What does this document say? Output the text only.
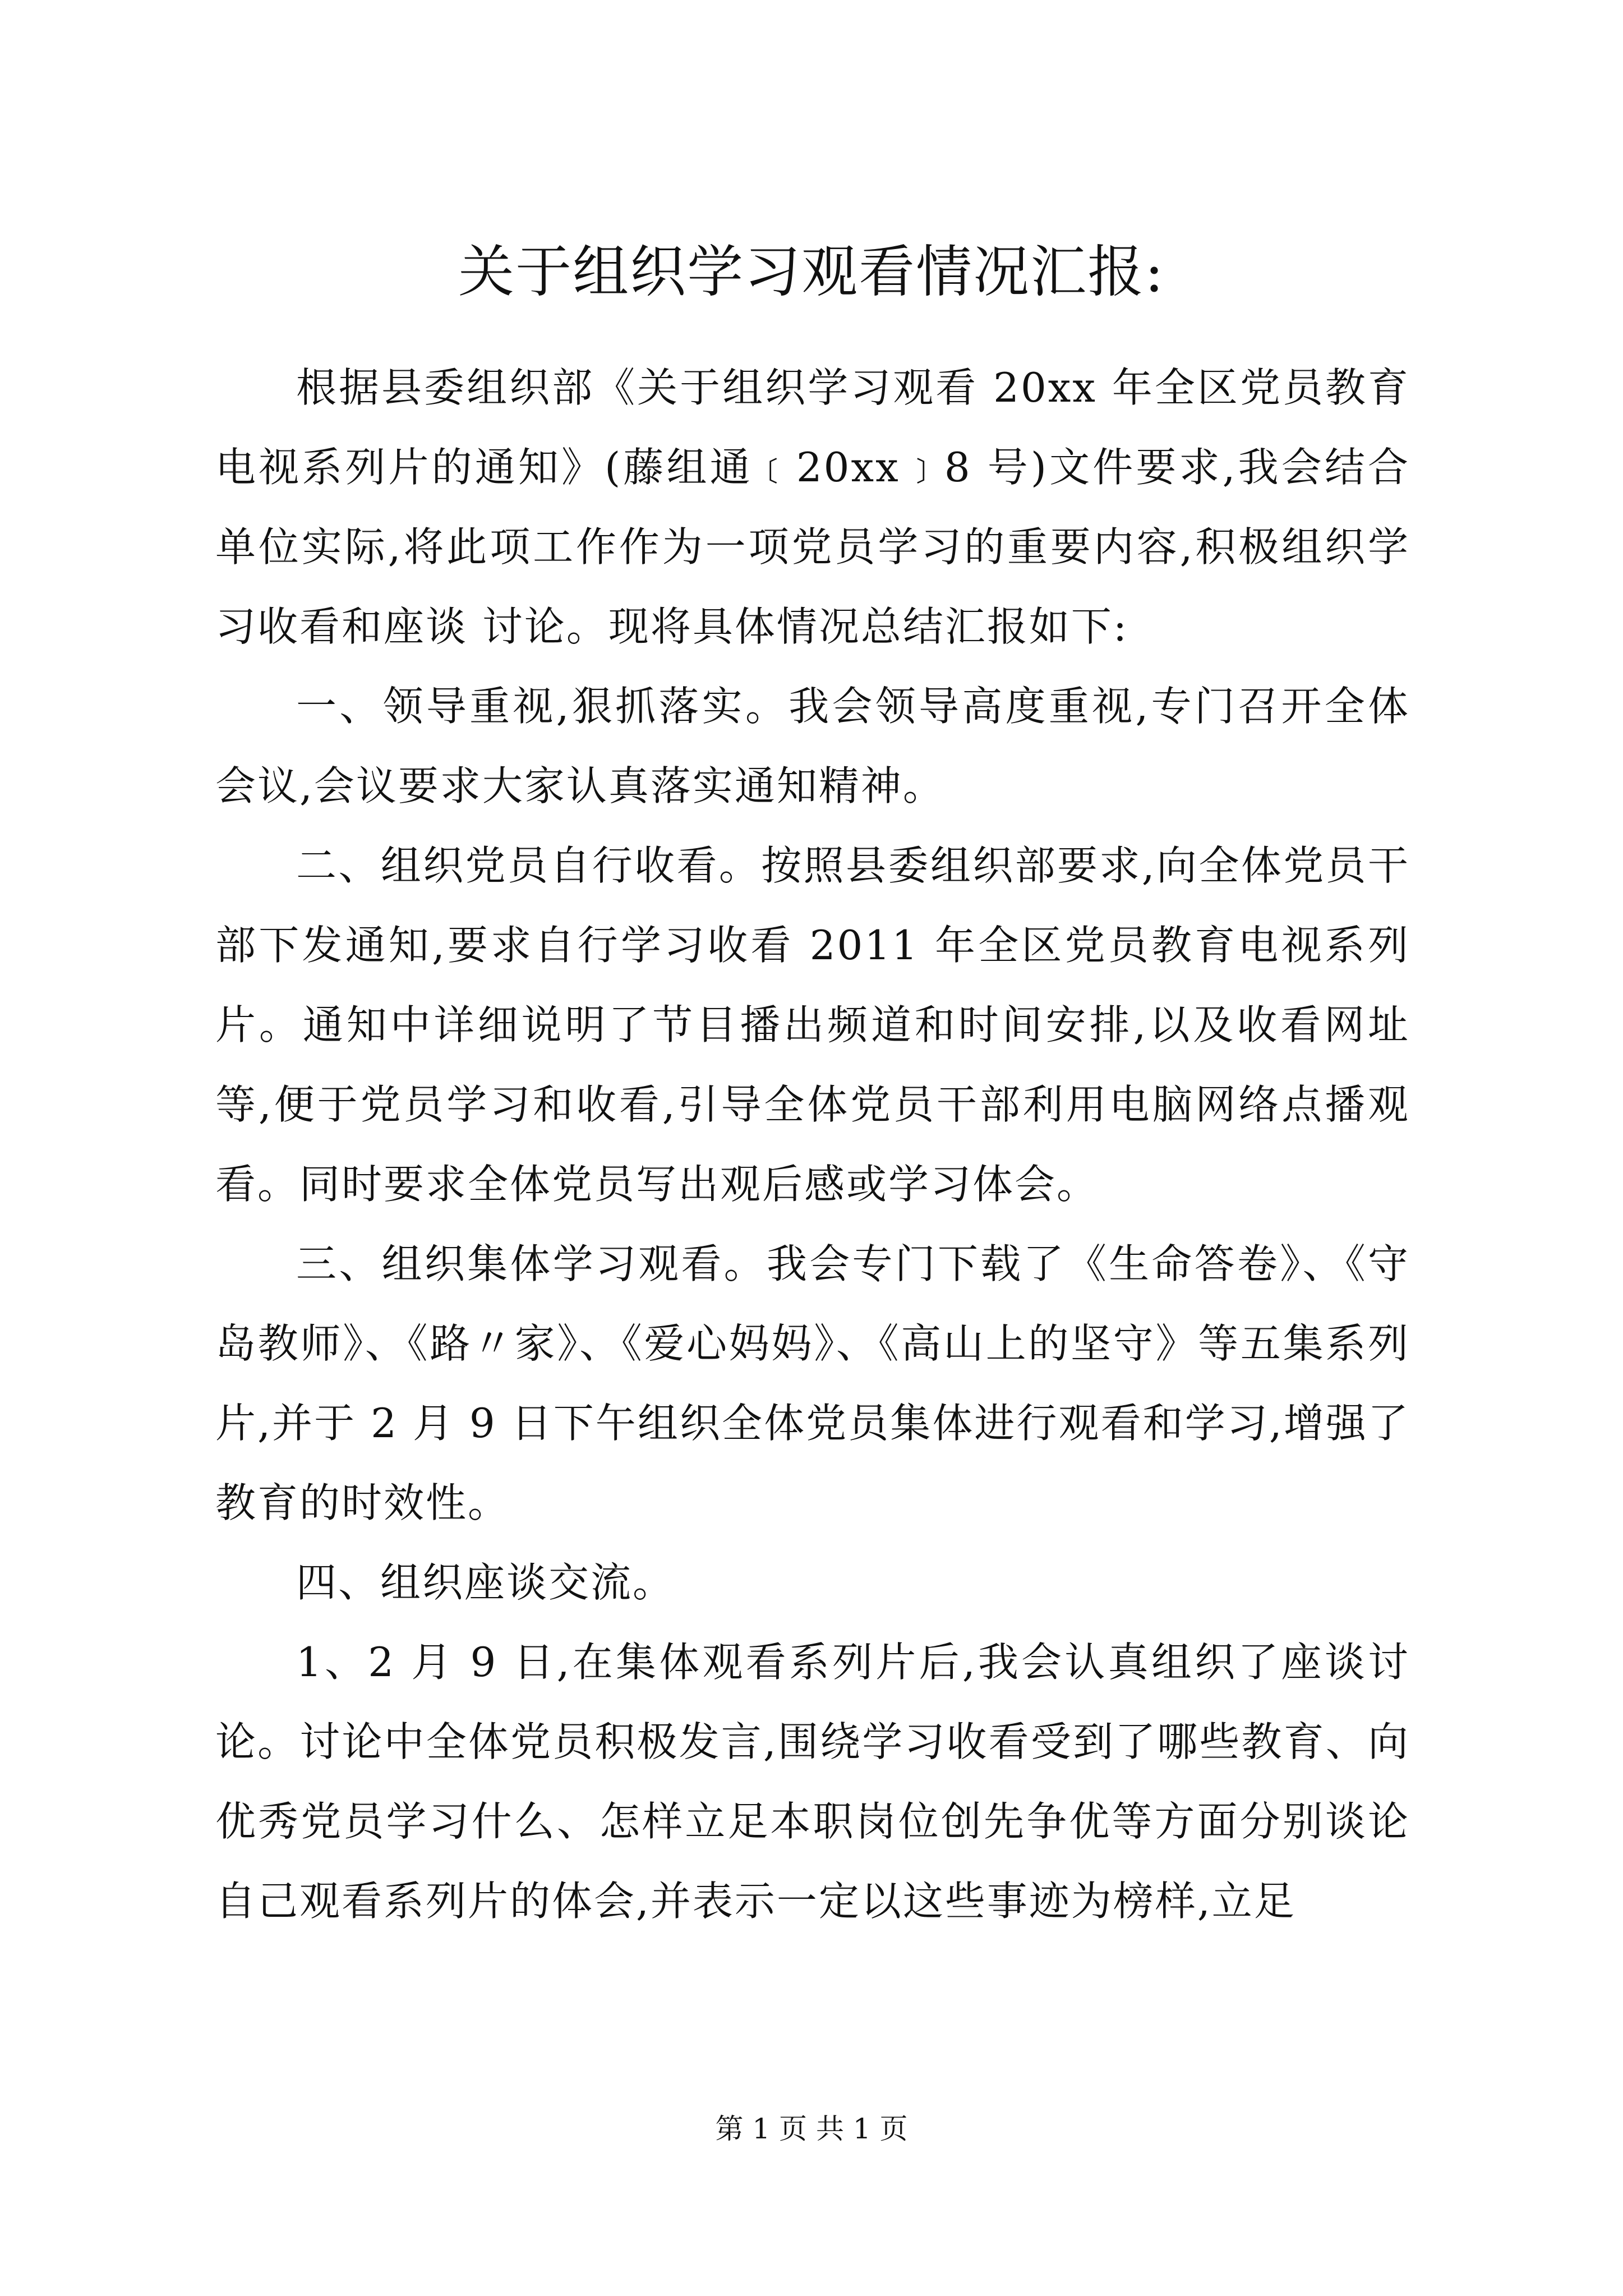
关于组织学习观看情况汇报:

根据县委组织部《关于组织学习观看 20xx 年全区党员教育电视系列片的通知》(藤组通﹝20xx﹞8 号)文件要求,我会结合单位实际,将此项工作作为一项党员学习的重要内容,积极组织学习收看和座谈 讨论。现将具体情况总结汇报如下:

一、领导重视,狠抓落实。我会领导高度重视,专门召开全体会议,会议要求大家认真落实通知精神。

二、组织党员自行收看。按照县委组织部要求,向全体党员干部下发通知,要求自行学习收看 2011 年全区党员教育电视系列片。通知中详细说明了节目播出频道和时间安排,以及收看网址等,便于党员学习和收看,引导全体党员干部利用电脑网络点播观看。同时要求全体党员写出观后感或学习体会。

三、组织集体学习观看。我会专门下载了《生命答卷》、《守岛教师》、《路〃家》、《爱心妈妈》、《高山上的坚守》等五集系列片,并于 2 月 9 日下午组织全体党员集体进行观看和学习,增强了教育的时效性。

四、组织座谈交流。

1、2 月 9 日,在集体观看系列片后,我会认真组织了座谈讨论。讨论中全体党员积极发言,围绕学习收看受到了哪些教育、向优秀党员学习什么、怎样立足本职岗位创先争优等方面分别谈论自己观看系列片的体会,并表示一定以这些事迹为榜样,立足

第 1 页 共 1 页
